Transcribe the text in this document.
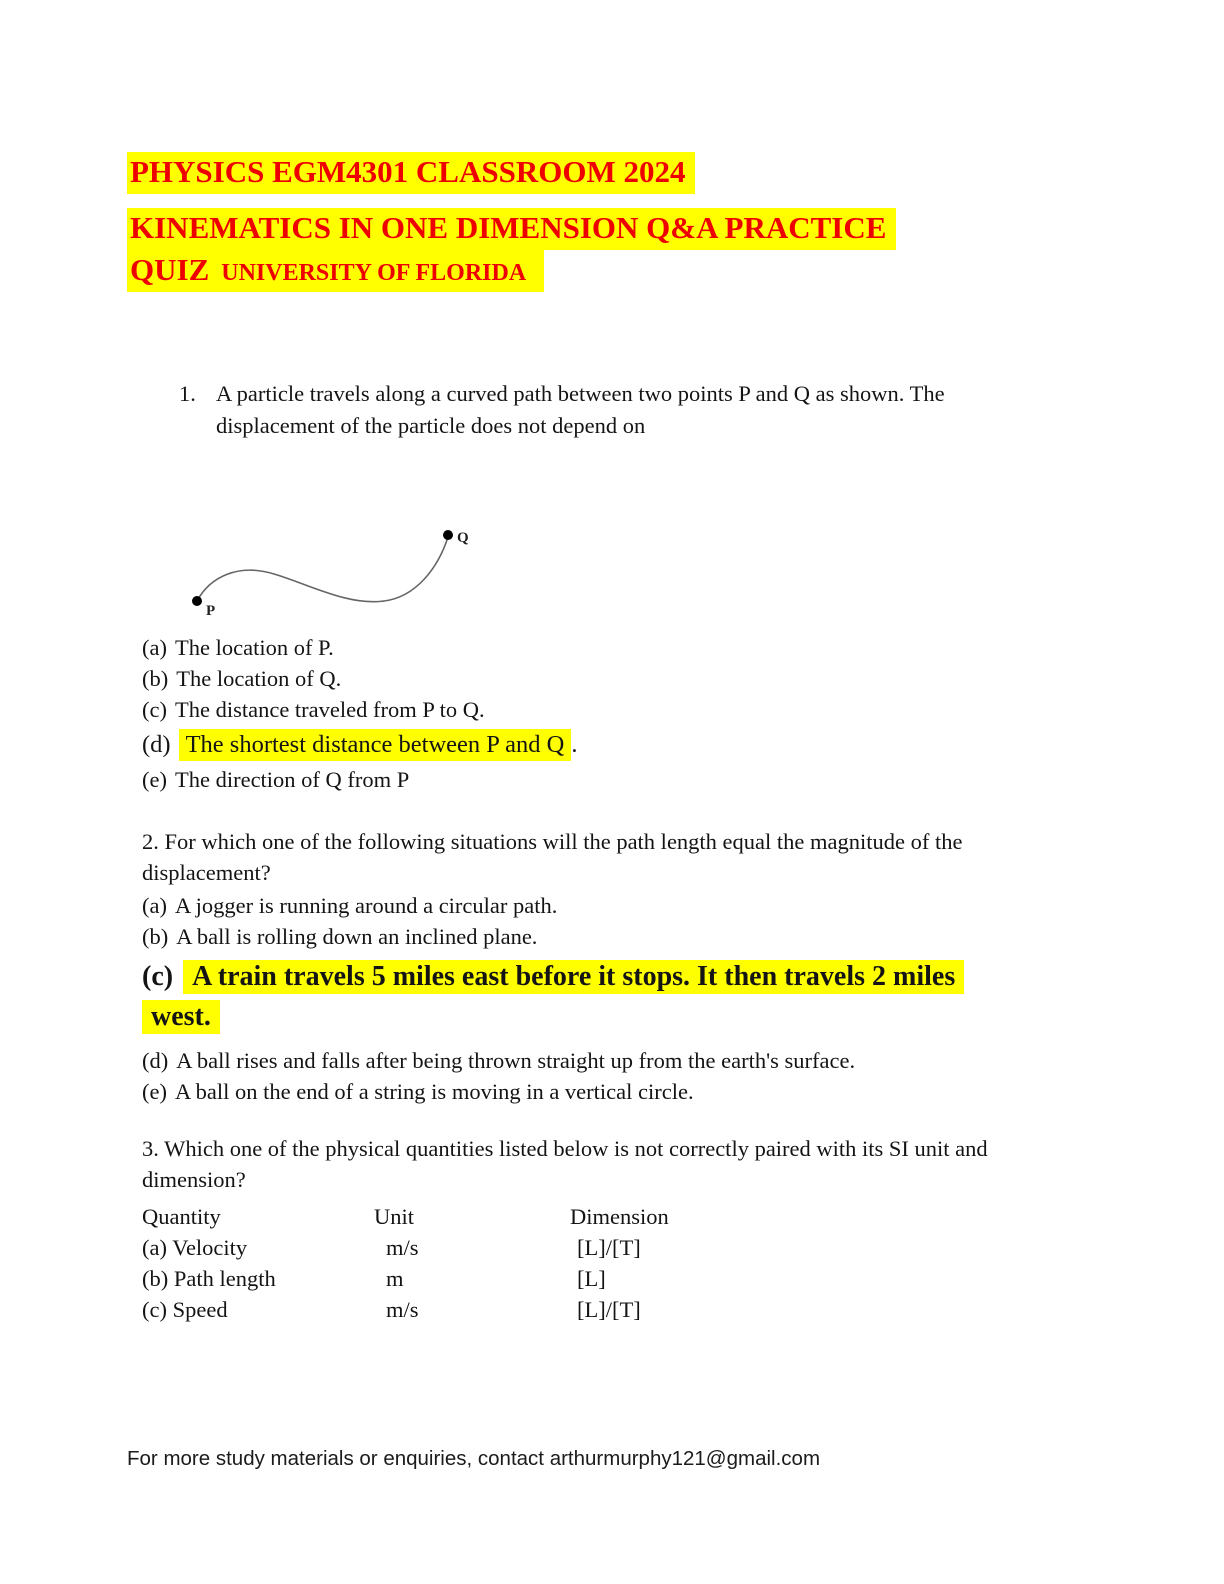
PHYSICS EGM4301 CLASSROOM 2024

KINEMATICS IN ONE DIMENSION Q&A PRACTICE

QUIZ UNIVERSITY OF FLORIDA

1. A particle travels along a curved path between two points P and Q as shown. The displacement of the particle does not depend on
P
Q
(a) The location of P.
(b) The location of Q.
(c) The distance traveled from P to Q.
(d) The shortest distance between P and Q .
(e) The direction of Q from P

2. For which one of the following situations will the path length equal the magnitude of the displacement?

(a) A jogger is running around a circular path.
(b) A ball is rolling down an inclined plane.
(c) A train travels 5 miles east before it stops. It then travels 2 miles
west.
(d) A ball rises and falls after being thrown straight up from the earth's surface.
(e) A ball on the end of a string is moving in a vertical circle.

3. Which one of the physical quantities listed below is not correctly paired with its SI unit and dimension?

Quantity	Unit	Dimension
(a) Velocity	m/s	[L]/[T]
(b) Path length	m	[L]
(c) Speed	m/s	[L]/[T]
For more study materials or enquiries, contact arthurmurphy121@gmail.com
